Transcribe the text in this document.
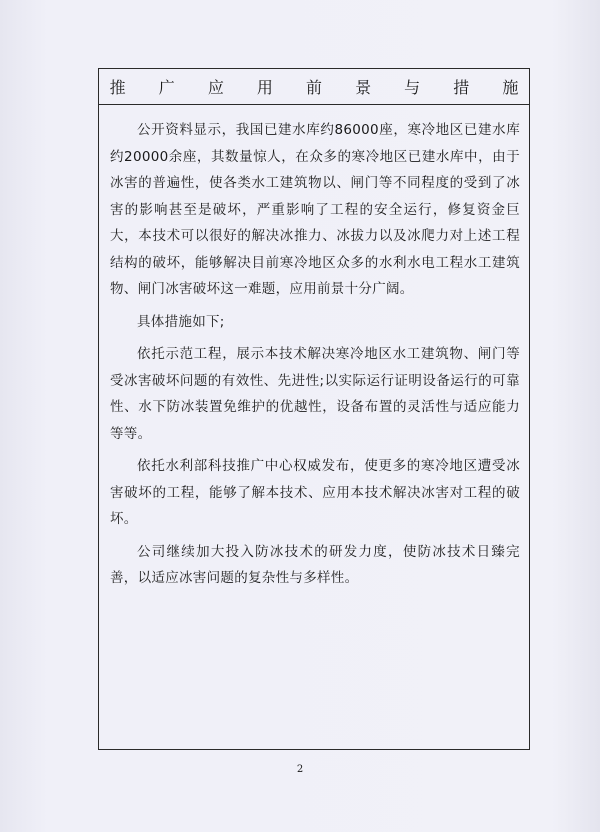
推 广 应 用 前 景 与 措 施

公开资料显示，我国已建水库约86000座，寒冷地区已建水库约20000余座，其数量惊人，在众多的寒冷地区已建水库中，由于冰害的普遍性，使各类水工建筑物以、闸门等不同程度的受到了冰害的影响甚至是破坏，严重影响了工程的安全运行，修复资金巨大，本技术可以很好的解决冰推力、冰拔力以及冰爬力对上述工程结构的破坏，能够解决目前寒冷地区众多的水利水电工程水工建筑物、闸门冰害破坏这一难题，应用前景十分广阔。

具体措施如下;

依托示范工程，展示本技术解决寒冷地区水工建筑物、闸门等受冰害破坏问题的有效性、先进性;以实际运行证明设备运行的可靠性、水下防冰装置免维护的优越性，设备布置的灵活性与适应能力等等。

依托水利部科技推广中心权威发布，使更多的寒冷地区遭受冰害破坏的工程，能够了解本技术、应用本技术解决冰害对工程的破坏。

公司继续加大投入防冰技术的研发力度，使防冰技术日臻完善，以适应冰害问题的复杂性与多样性。

2
